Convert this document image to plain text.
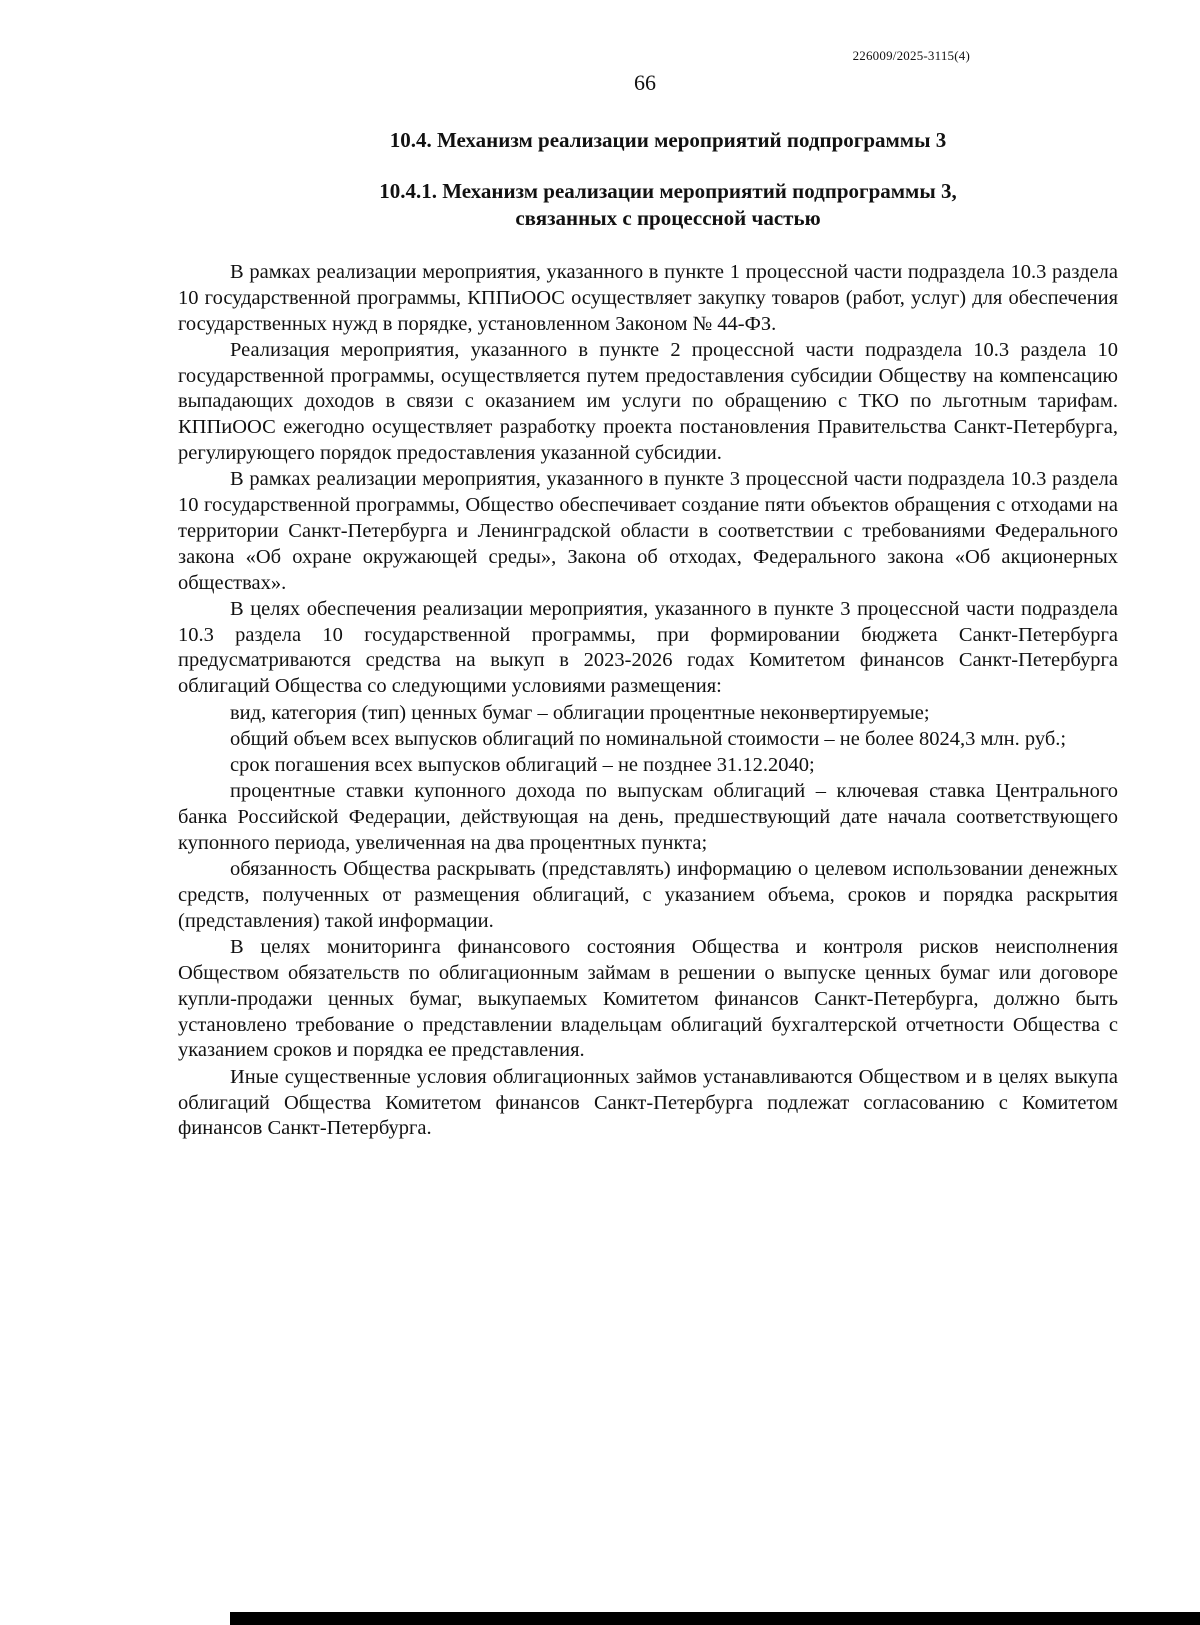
226009/2025-3115(4)
66
10.4. Механизм реализации мероприятий подпрограммы 3
10.4.1. Механизм реализации мероприятий подпрограммы 3,
связанных с процессной частью

В рамках реализации мероприятия, указанного в пункте 1 процессной части подраздела 10.3 раздела 10 государственной программы, КППиООС осуществляет закупку товаров (работ, услуг) для обеспечения государственных нужд в порядке, установленном Законом № 44-ФЗ.

Реализация мероприятия, указанного в пункте 2 процессной части подраздела 10.3 раздела 10 государственной программы, осуществляется путем предоставления субсидии Обществу на компенсацию выпадающих доходов в связи с оказанием им услуги по обращению с ТКО по льготным тарифам. КППиООС ежегодно осуществляет разработку проекта постановления Правительства Санкт-Петербурга, регулирующего порядок предоставления указанной субсидии.

В рамках реализации мероприятия, указанного в пункте 3 процессной части подраздела 10.3 раздела 10 государственной программы, Общество обеспечивает создание пяти объектов обращения с отходами на территории Санкт-Петербурга и Ленинградской области в соответствии с требованиями Федерального закона «Об охране окружающей среды», Закона об отходах, Федерального закона «Об акционерных обществах».

В целях обеспечения реализации мероприятия, указанного в пункте 3 процессной части подраздела 10.3 раздела 10 государственной программы, при формировании бюджета Санкт-Петербурга предусматриваются средства на выкуп в 2023-2026 годах Комитетом финансов Санкт-Петербурга облигаций Общества со следующими условиями размещения:

вид, категория (тип) ценных бумаг – облигации процентные неконвертируемые;

общий объем всех выпусков облигаций по номинальной стоимости – не более 8024,3 млн. руб.;

срок погашения всех выпусков облигаций – не позднее 31.12.2040;

процентные ставки купонного дохода по выпускам облигаций – ключевая ставка Центрального банка Российской Федерации, действующая на день, предшествующий дате начала соответствующего купонного периода, увеличенная на два процентных пункта;

обязанность Общества раскрывать (представлять) информацию о целевом использовании денежных средств, полученных от размещения облигаций, с указанием объема, сроков и порядка раскрытия (представления) такой информации.

В целях мониторинга финансового состояния Общества и контроля рисков неисполнения Обществом обязательств по облигационным займам в решении о выпуске ценных бумаг или договоре купли-продажи ценных бумаг, выкупаемых Комитетом финансов Санкт-Петербурга, должно быть установлено требование о представлении владельцам облигаций бухгалтерской отчетности Общества с указанием сроков и порядка ее представления.

Иные существенные условия облигационных займов устанавливаются Обществом и в целях выкупа облигаций Общества Комитетом финансов Санкт-Петербурга подлежат согласованию с Комитетом финансов Санкт-Петербурга.
